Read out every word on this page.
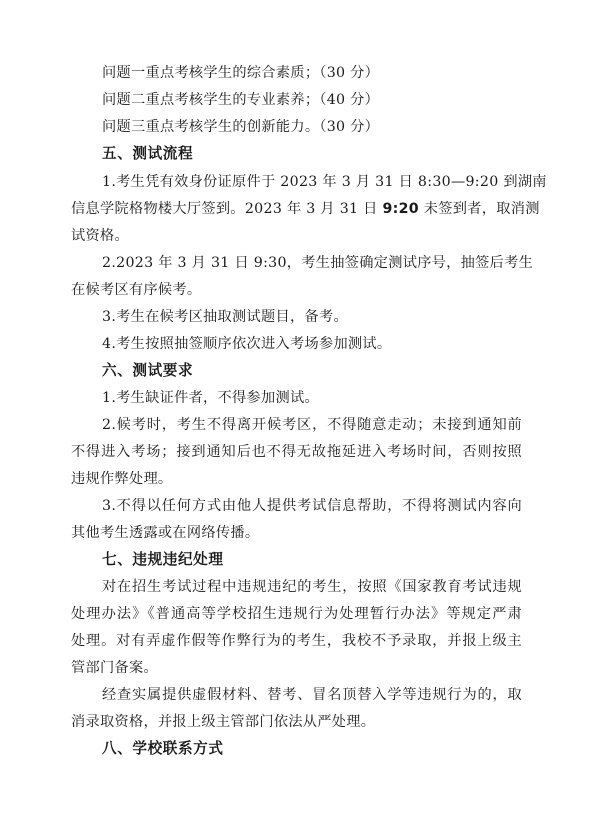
问题一重点考核学生的综合素质；（30 分）
问题二重点考核学生的专业素养；（40 分）
问题三重点考核学生的创新能力。（30 分）
五、测试流程
1.考生凭有效身份证原件于 2023 年 3 月 31 日 8:30—9:20 到湖南
信息学院格物楼大厅签到。2023 年 3 月 31 日 9:20 未签到者，取消测
试资格。
2.2023 年 3 月 31 日 9:30，考生抽签确定测试序号，抽签后考生
在候考区有序候考。
3.考生在候考区抽取测试题目，备考。
4.考生按照抽签顺序依次进入考场参加测试。
六、测试要求
1.考生缺证件者，不得参加测试。
2.候考时，考生不得离开候考区，不得随意走动；未接到通知前
不得进入考场；接到通知后也不得无故拖延进入考场时间，否则按照
违规作弊处理。
3.不得以任何方式由他人提供考试信息帮助，不得将测试内容向
其他考生透露或在网络传播。
七、违规违纪处理
对在招生考试过程中违规违纪的考生，按照《国家教育考试违规
处理办法》《普通高等学校招生违规行为处理暂行办法》等规定严肃
处理。对有弄虚作假等作弊行为的考生，我校不予录取，并报上级主
管部门备案。
经查实属提供虚假材料、替考、冒名顶替入学等违规行为的，取
消录取资格，并报上级主管部门依法从严处理。
八、学校联系方式
